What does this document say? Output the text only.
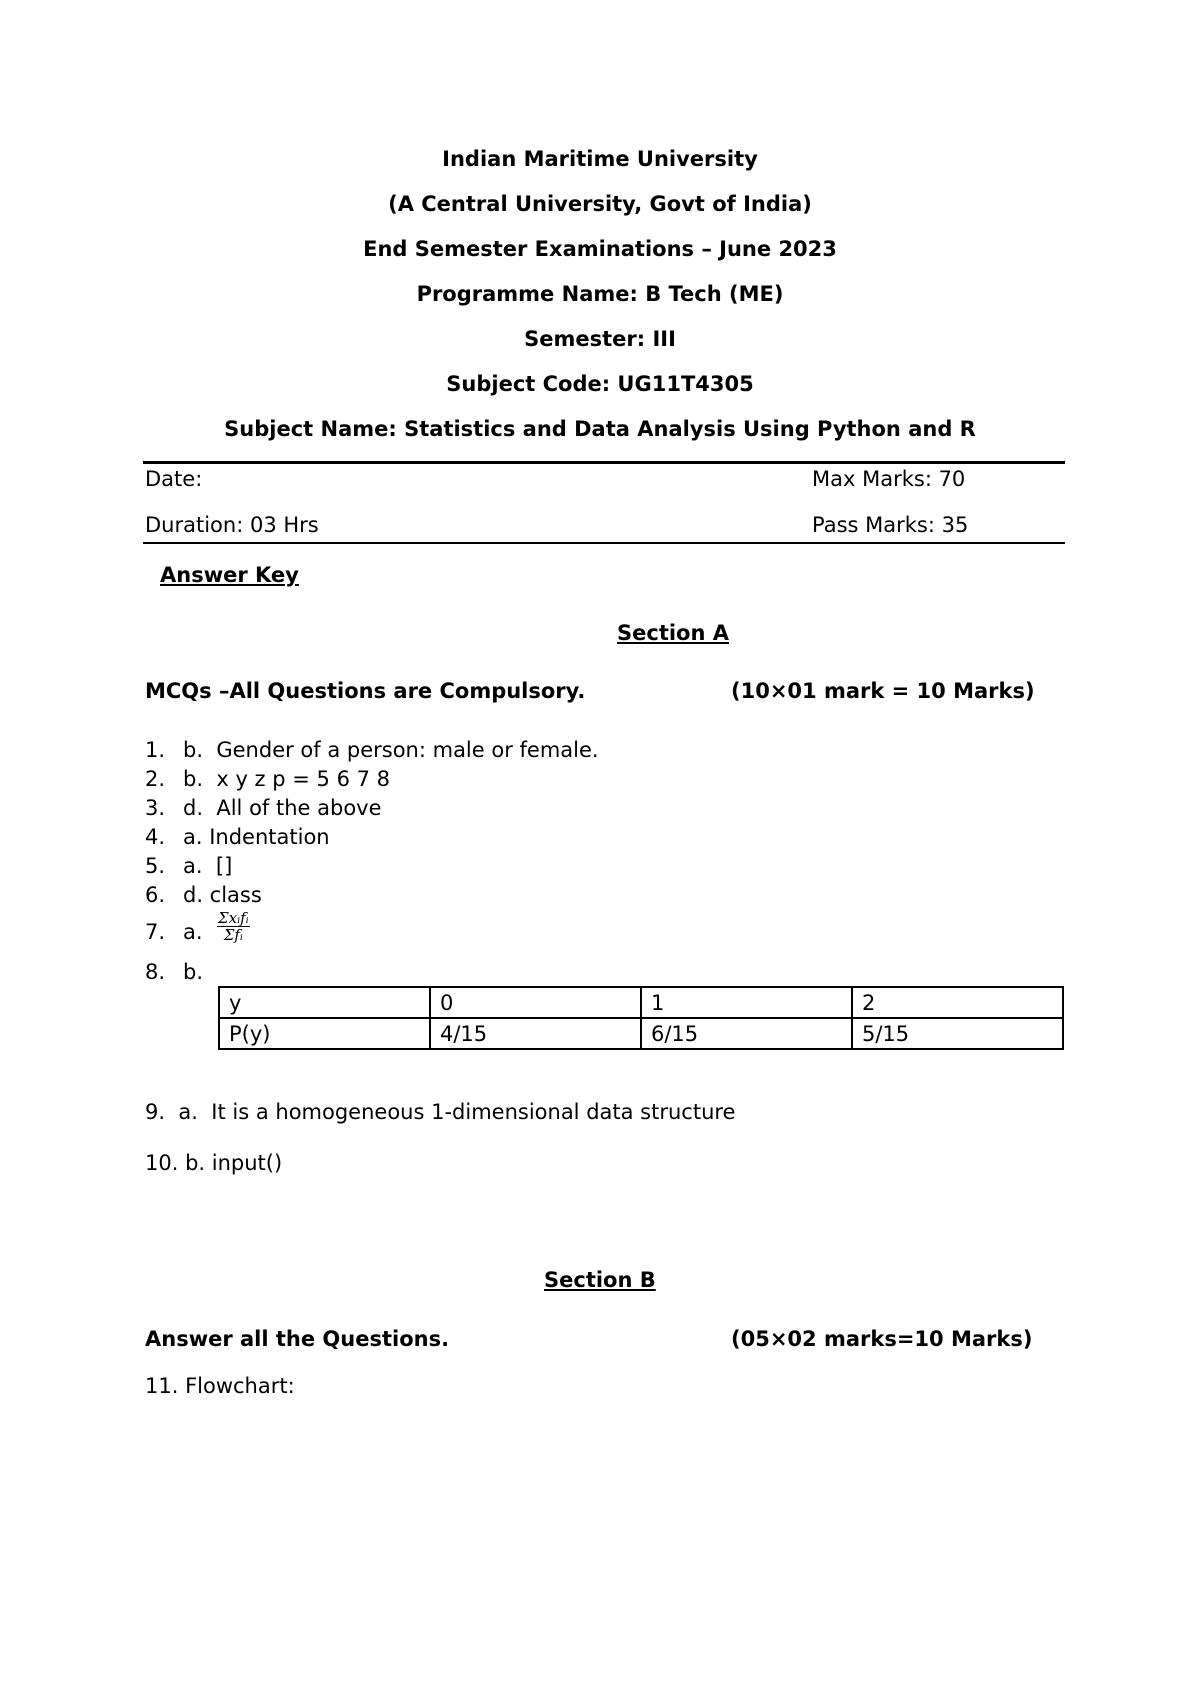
Indian Maritime University
(A Central University, Govt of India)
End Semester Examinations – June 2023
Programme Name: B Tech (ME)
Semester: III
Subject Code: UG11T4305
Subject Name: Statistics and Data Analysis Using Python and R
Date:	Max Marks: 70
Duration: 03 Hrs	Pass Marks: 35
Answer Key
Section A
MCQs –All Questions are Compulsory.	(10×01 mark = 10 Marks)
1. b.  Gender of a person: male or female.
2. b.  x y z p = 5 6 7 8
3. d.  All of the above
4. a. Indentation
5. a.  []
6. d. class
7. a. $\frac{\text{Σxᵢfᵢ}}{\text{Σfᵢ}}$
8. b.
y	0	1	2
P(y)	4/15	6/15	5/15
9.  a.  It is a homogeneous 1-dimensional data structure
10. b. input()
Section B
Answer all the Questions.	(05×02 marks=10 Marks)
11. Flowchart:
